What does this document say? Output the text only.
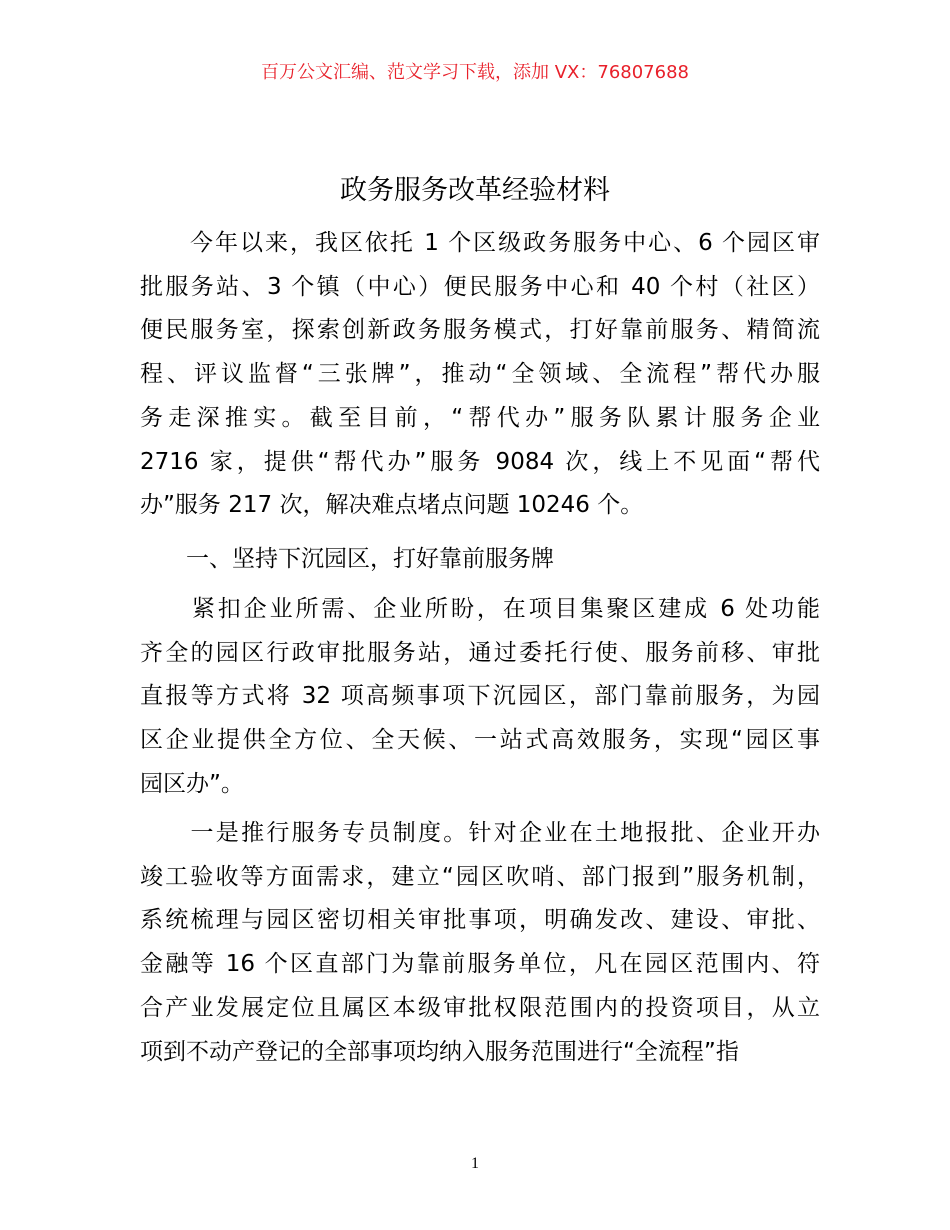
百万公文汇编、范文学习下载，添加 VX：76807688
政务服务改革经验材料
　　今年以来，我区依托 1 个区级政务服务中心、6 个园区审
批服务站、3 个镇（中心）便民服务中心和 40 个村（社区）
便民服务室，探索创新政务服务模式，打好靠前服务、精简流
程、评议监督“三张牌”，推动“全领域、全流程”帮代办服
务走深推实。截至目前，“帮代办”服务队累计服务企业
2716 家，提供“帮代办”服务 9084 次，线上不见面“帮代
办”服务 217 次，解决难点堵点问题 10246 个。
　　一、坚持下沉园区，打好靠前服务牌
　　紧扣企业所需、企业所盼，在项目集聚区建成 6 处功能
齐全的园区行政审批服务站，通过委托行使、服务前移、审批
直报等方式将 32 项高频事项下沉园区，部门靠前服务，为园
区企业提供全方位、全天候、一站式高效服务，实现“园区事
园区办”。
　　一是推行服务专员制度。针对企业在土地报批、企业开办
竣工验收等方面需求，建立“园区吹哨、部门报到”服务机制，
系统梳理与园区密切相关审批事项，明确发改、建设、审批、
金融等 16 个区直部门为靠前服务单位，凡在园区范围内、符
合产业发展定位且属区本级审批权限范围内的投资项目，从立
项到不动产登记的全部事项均纳入服务范围进行“全流程”指
1
